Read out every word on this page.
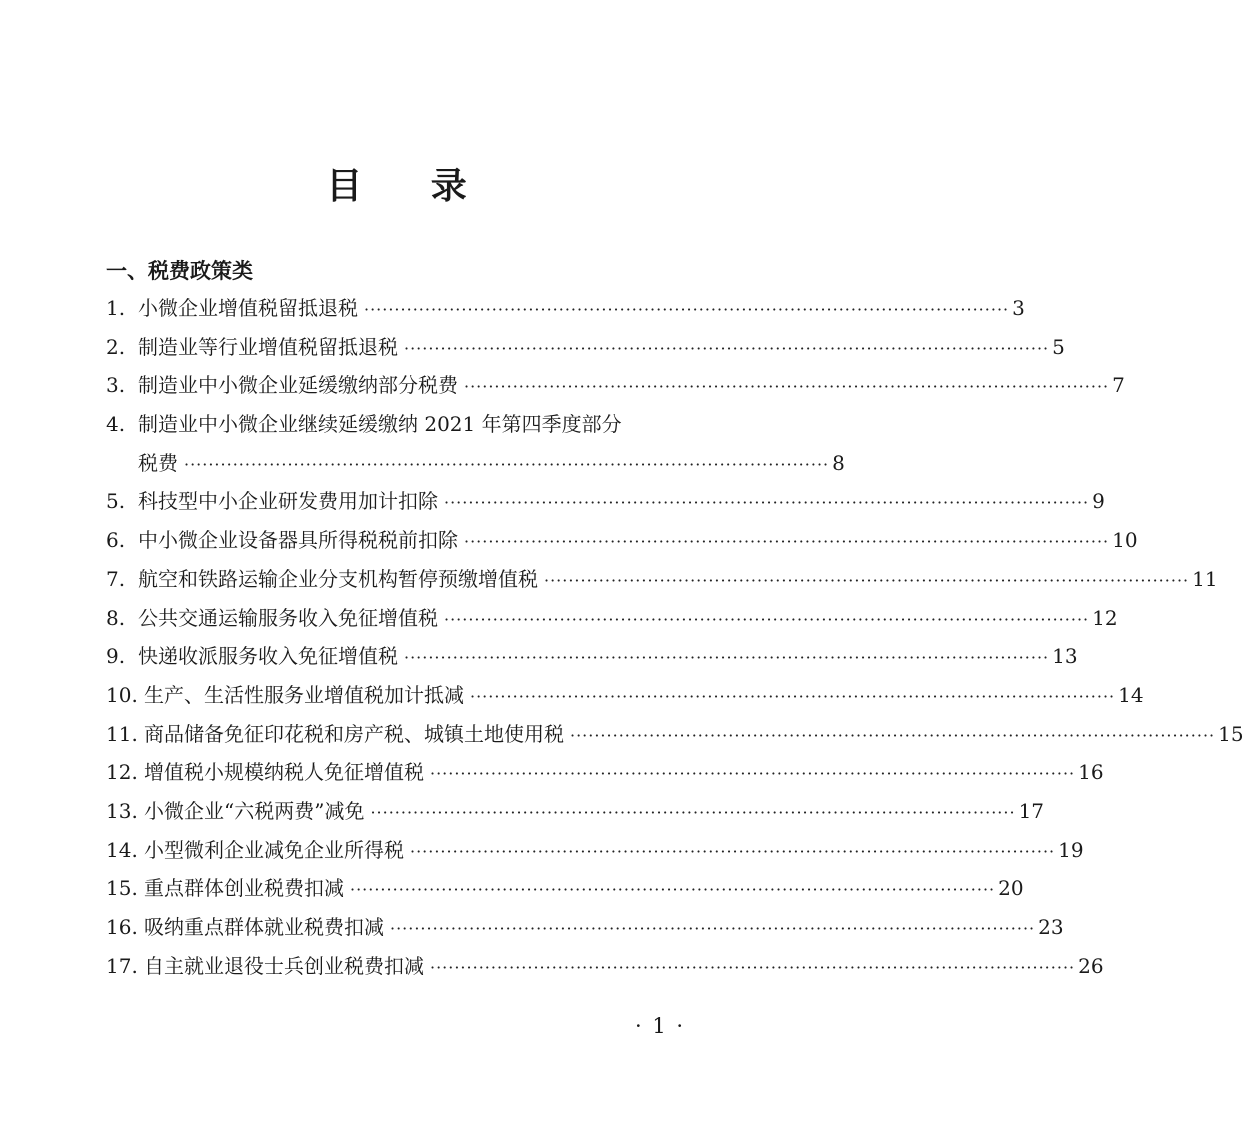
目 录
一、税费政策类
1. 小微企业增值税留抵退税 ·········································································································· 3
2. 制造业等行业增值税留抵退税 ·········································································································· 5
3. 制造业中小微企业延缓缴纳部分税费 ·········································································································· 7
4. 制造业中小微企业继续延缓缴纳 2021 年第四季度部分
税费 ·········································································································· 8
5. 科技型中小企业研发费用加计扣除 ·········································································································· 9
6. 中小微企业设备器具所得税税前扣除 ·········································································································· 10
7. 航空和铁路运输企业分支机构暂停预缴增值税 ·········································································································· 11
8. 公共交通运输服务收入免征增值税 ·········································································································· 12
9. 快递收派服务收入免征增值税 ·········································································································· 13
10. 生产、生活性服务业增值税加计抵减 ·········································································································· 14
11. 商品储备免征印花税和房产税、城镇土地使用税 ·········································································································· 15
12. 增值税小规模纳税人免征增值税 ·········································································································· 16
13. 小微企业“六税两费”减免 ·········································································································· 17
14. 小型微利企业减免企业所得税 ·········································································································· 19
15. 重点群体创业税费扣减 ·········································································································· 20
16. 吸纳重点群体就业税费扣减 ·········································································································· 23
17. 自主就业退役士兵创业税费扣减 ·········································································································· 26
· 1 ·
